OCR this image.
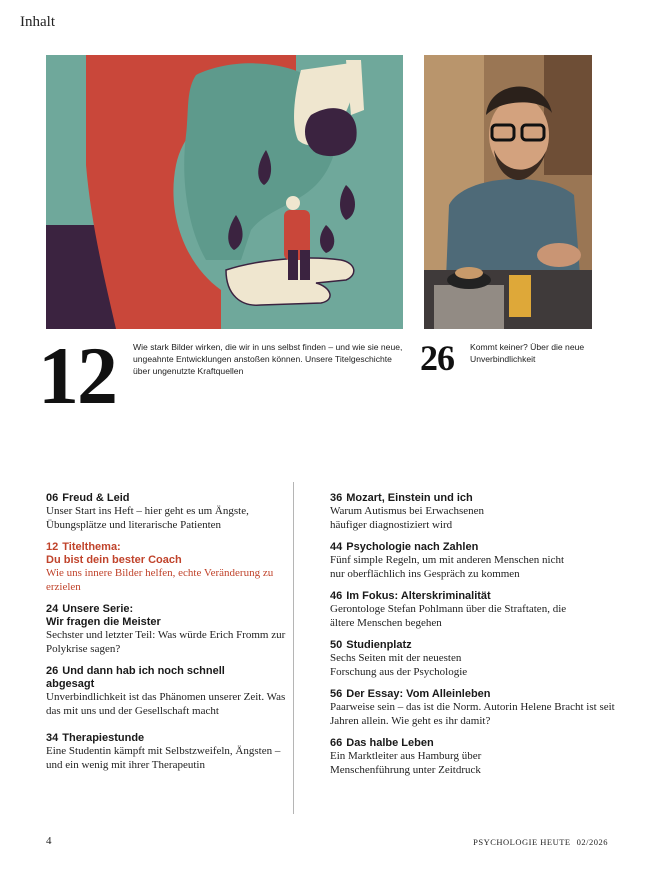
Inhalt
12 Wie stark Bilder wirken, die wir in uns selbst finden – und wie sie neue, ungeahnte Entwicklungen anstoßen können. Unsere Titelgeschichte über ungenutzte Kraftquellen	26 Kommt keiner? Über die neue Unverbindlichkeit
06 Freud & Leid
Unser Start ins Heft – hier geht es um Ängste, Übungsplätze und literarische Patienten
12 Titelthema:
Du bist dein bester Coach
Wie uns innere Bilder helfen, echte Veränderung zu erzielen
24 Unsere Serie:
Wir fragen die Meister
Sechster und letzter Teil: Was würde Erich Fromm zur Polykrise sagen?
26 Und dann hab ich noch schnell abgesagt
Unverbindlichkeit ist das Phänomen unserer Zeit. Was das mit uns und der Gesellschaft macht
34 Therapiestunde
Eine Studentin kämpft mit Selbstzweifeln, Ängsten – und ein wenig mit ihrer Therapeutin
36 Mozart, Einstein und ich
Warum Autismus bei Erwachsenen häufiger diagnostiziert wird
44 Psychologie nach Zahlen
Fünf simple Regeln, um mit anderen Menschen nicht nur oberflächlich ins Gespräch zu kommen
46 Im Fokus: Alterskriminalität
Gerontologe Stefan Pohlmann über die Straftaten, die ältere Menschen begehen
50 Studienplatz
Sechs Seiten mit der neuesten Forschung aus der Psychologie
56 Der Essay: Vom Alleinleben
Paarweise sein – das ist die Norm. Autorin Helene Bracht ist seit Jahren allein. Wie geht es ihr damit?
66 Das halbe Leben
Ein Marktleiter aus Hamburg über Menschenführung unter Zeitdruck
4	PSYCHOLOGIE HEUTE 02/2026
